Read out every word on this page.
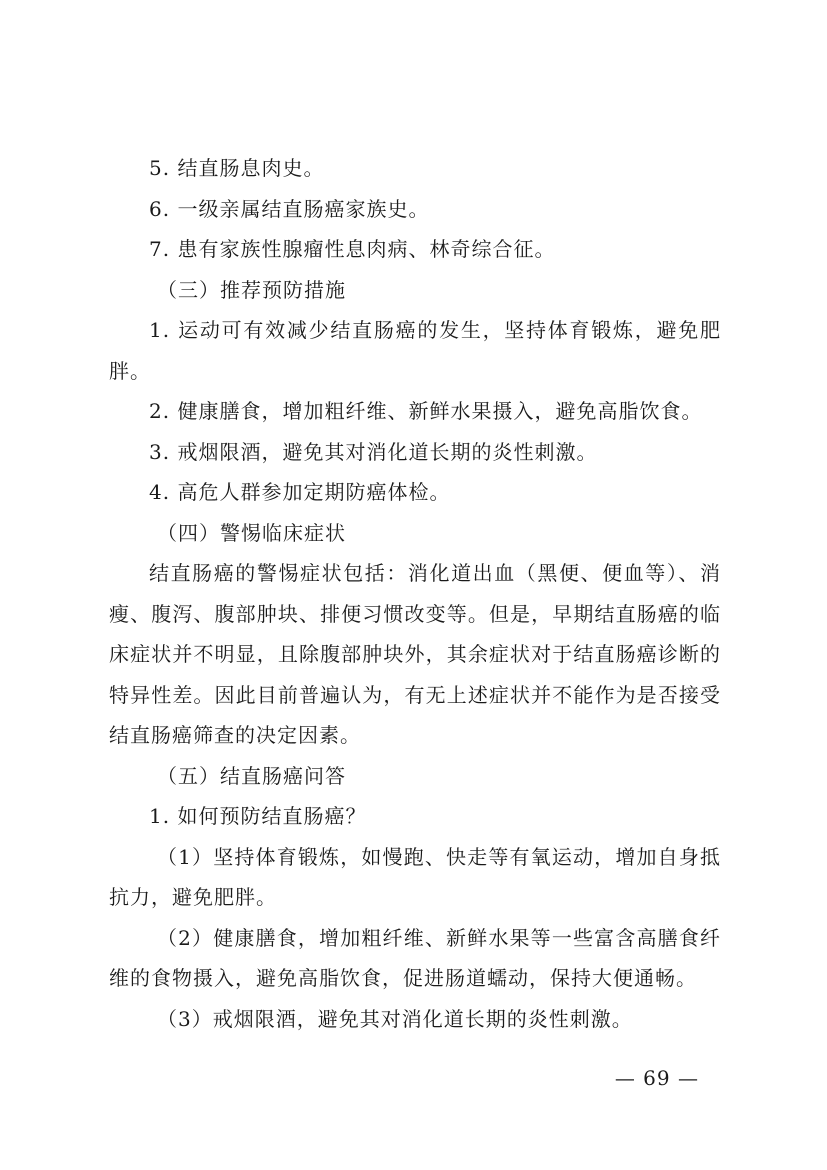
5. 结直肠息肉史。

6. 一级亲属结直肠癌家族史。

7. 患有家族性腺瘤性息肉病、林奇综合征。

（三）推荐预防措施

1. 运动可有效减少结直肠癌的发生，坚持体育锻炼，避免肥胖。

2. 健康膳食，增加粗纤维、新鲜水果摄入，避免高脂饮食。

3. 戒烟限酒，避免其对消化道长期的炎性刺激。

4. 高危人群参加定期防癌体检。

（四）警惕临床症状

结直肠癌的警惕症状包括：消化道出血（黑便、便血等）、消瘦、腹泻、腹部肿块、排便习惯改变等。但是，早期结直肠癌的临床症状并不明显，且除腹部肿块外，其余症状对于结直肠癌诊断的特异性差。因此目前普遍认为，有无上述症状并不能作为是否接受结直肠癌筛查的决定因素。

（五）结直肠癌问答

1. 如何预防结直肠癌？

（1）坚持体育锻炼，如慢跑、快走等有氧运动，增加自身抵抗力，避免肥胖。

（2）健康膳食，增加粗纤维、新鲜水果等一些富含高膳食纤维的食物摄入，避免高脂饮食，促进肠道蠕动，保持大便通畅。

（3）戒烟限酒，避免其对消化道长期的炎性刺激。

— 69 —
